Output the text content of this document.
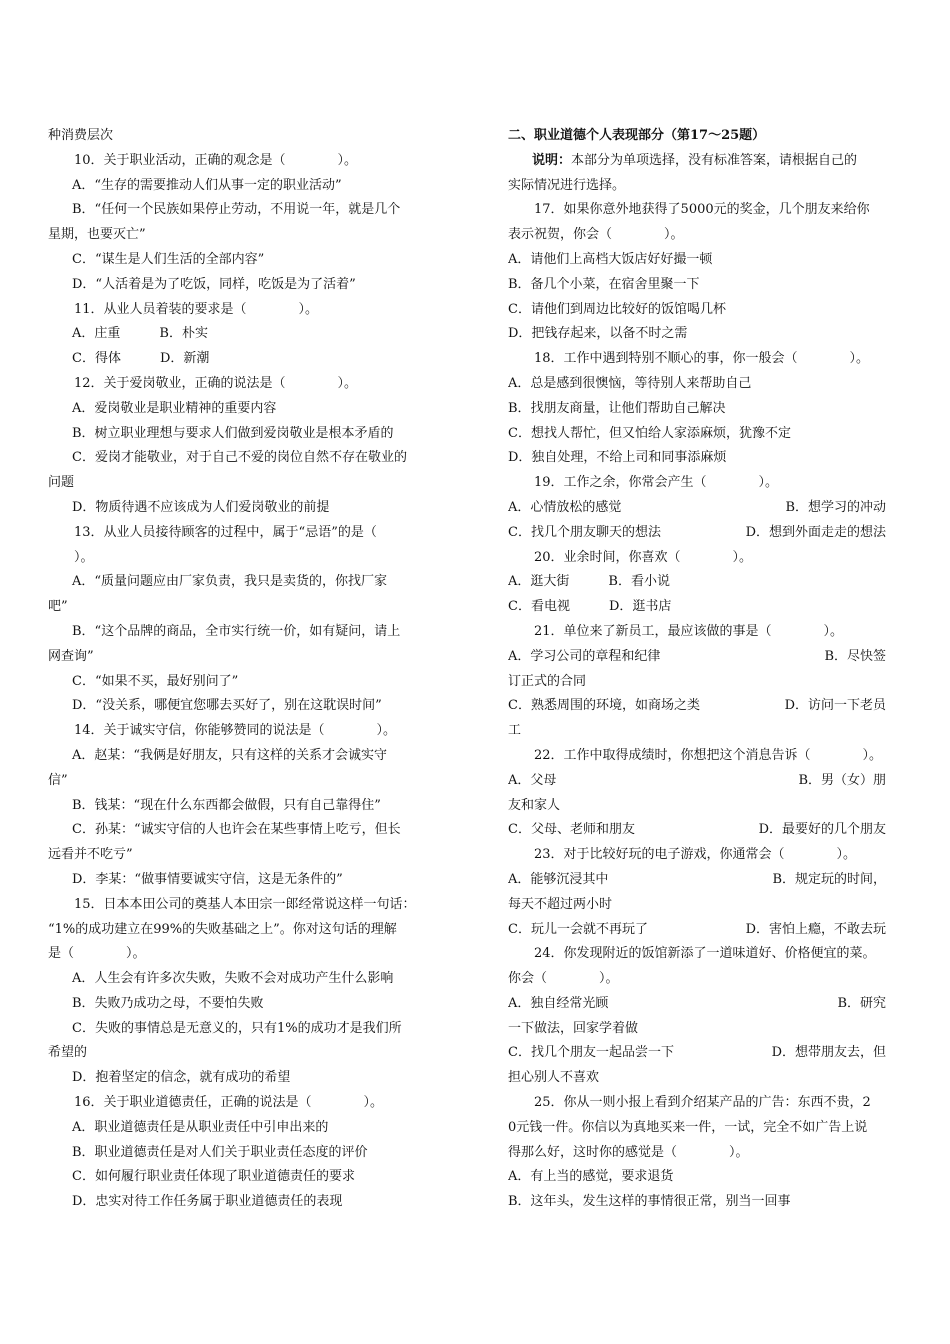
种消费层次
10．关于职业活动，正确的观念是（　　　　）。
A．“生存的需要推动人们从事一定的职业活动”
B．“任何一个民族如果停止劳动，不用说一年，就是几个
星期，也要灭亡”
C．“谋生是人们生活的全部内容”
D．“人活着是为了吃饭，同样，吃饭是为了活着”
11．从业人员着装的要求是（　　　　）。
A．庄重　　　B．朴实
C．得体　　　D．新潮
12．关于爱岗敬业，正确的说法是（　　　　）。
A．爱岗敬业是职业精神的重要内容
B．树立职业理想与要求人们做到爱岗敬业是根本矛盾的
C．爱岗才能敬业，对于自己不爱的岗位自然不存在敬业的
问题
D．物质待遇不应该成为人们爱岗敬业的前提
13．从业人员接待顾客的过程中，属于“忌语”的是（
）。
A．“质量问题应由厂家负责，我只是卖货的，你找厂家
吧”
B．“这个品牌的商品，全市实行统一价，如有疑问，请上
网查询”
C．“如果不买，最好别问了”
D．“没关系，哪便宜您哪去买好了，别在这耽误时间”
14．关于诚实守信，你能够赞同的说法是（　　　　）。
A．赵某：“我俩是好朋友，只有这样的关系才会诚实守
信”
B．钱某：“现在什么东西都会做假，只有自己靠得住”
C．孙某：“诚实守信的人也许会在某些事情上吃亏，但长
远看并不吃亏”
D．李某：“做事情要诚实守信，这是无条件的”
15．日本本田公司的奠基人本田宗一郎经常说这样一句话：
“1%的成功建立在99%的失败基础之上”。你对这句话的理解
是（　　　　）。
A．人生会有许多次失败，失败不会对成功产生什么影响
B．失败乃成功之母，不要怕失败
C．失败的事情总是无意义的，只有1%的成功才是我们所
希望的
D．抱着坚定的信念，就有成功的希望
16．关于职业道德责任，正确的说法是（　　　　）。
A．职业道德责任是从职业责任中引申出来的
B．职业道德责任是对人们关于职业责任态度的评价
C．如何履行职业责任体现了职业道德责任的要求
D．忠实对待工作任务属于职业道德责任的表现
二、职业道德个人表现部分（第17～25题）
说明：本部分为单项选择，没有标准答案，请根据自己的
实际情况进行选择。
17．如果你意外地获得了5000元的奖金，几个朋友来给你
表示祝贺，你会（　　　　）。
A．请他们上高档大饭店好好撮一顿
B．备几个小菜，在宿舍里聚一下
C．请他们到周边比较好的饭馆喝几杯
D．把钱存起来，以备不时之需
18．工作中遇到特别不顺心的事，你一般会（　　　　）。
A．总是感到很懊恼，等待别人来帮助自己
B．找朋友商量，让他们帮助自己解决
C．想找人帮忙，但又怕给人家添麻烦，犹豫不定
D．独自处理，不给上司和同事添麻烦
19．工作之余，你常会产生（　　　　）。
A．心情放松的感觉	B．想学习的冲动
C．找几个朋友聊天的想法	D．想到外面走走的想法
20．业余时间，你喜欢（　　　　）。
A．逛大街　　　B．看小说
C．看电视　　　D．逛书店
21．单位来了新员工，最应该做的事是（　　　　）。
A．学习公司的章程和纪律	B．尽快签
订正式的合同
C．熟悉周围的环境，如商场之类	D．访问一下老员
工
22．工作中取得成绩时，你想把这个消息告诉（　　　　）。
A．父母	B．男（女）朋
友和家人
C．父母、老师和朋友	D．最要好的几个朋友
23．对于比较好玩的电子游戏，你通常会（　　　　）。
A．能够沉浸其中	B．规定玩的时间，
每天不超过两小时
C．玩儿一会就不再玩了	D．害怕上瘾，不敢去玩
24．你发现附近的饭馆新添了一道味道好、价格便宜的菜。
你会（　　　　）。
A．独自经常光顾	B．研究
一下做法，回家学着做
C．找几个朋友一起品尝一下	D．想带朋友去，但
担心别人不喜欢
25．你从一则小报上看到介绍某产品的广告：东西不贵，2
0元钱一件。你信以为真地买来一件，一试，完全不如广告上说
得那么好，这时你的感觉是（　　　　）。
A．有上当的感觉，要求退货
B．这年头，发生这样的事情很正常，别当一回事
